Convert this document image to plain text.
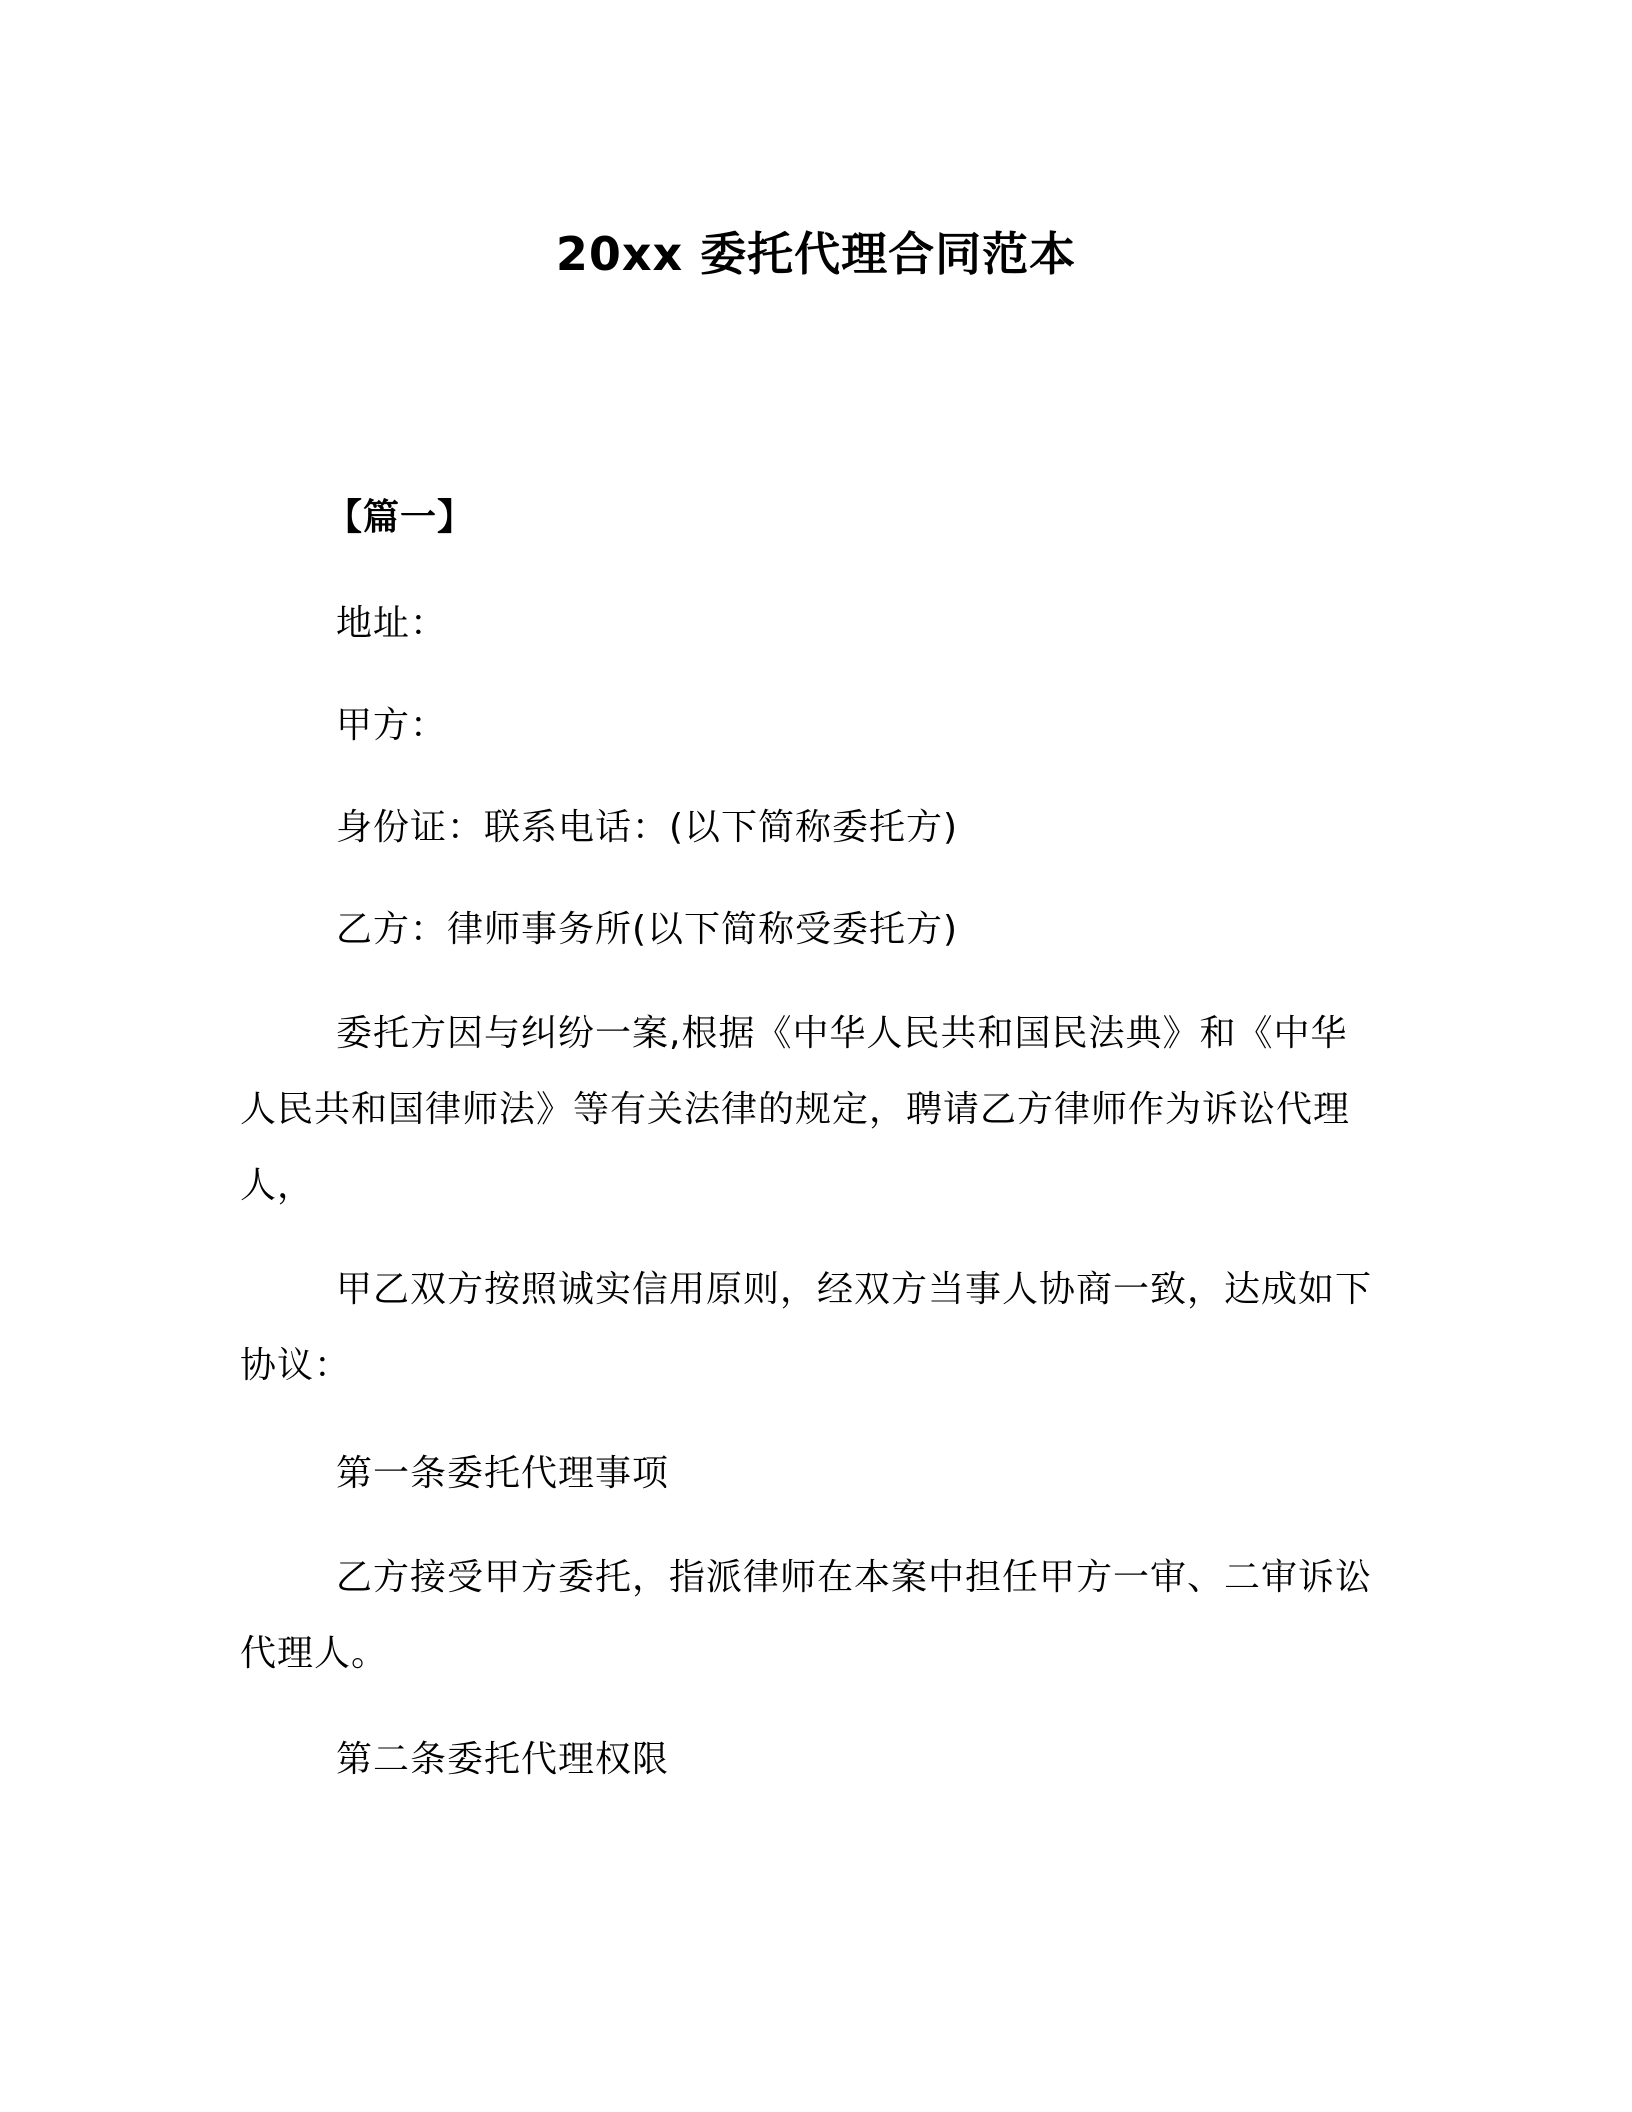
20xx 委托代理合同范本

【篇一】

地址：

甲方：

身份证：联系电话：(以下简称委托方)

乙方：律师事务所(以下简称受委托方)

委托方因与纠纷一案,根据《中华人民共和国民法典》和《中华人民共和国律师法》等有关法律的规定，聘请乙方律师作为诉讼代理人，

甲乙双方按照诚实信用原则，经双方当事人协商一致，达成如下协议：

第一条委托代理事项

乙方接受甲方委托，指派律师在本案中担任甲方一审、二审诉讼代理人。

第二条委托代理权限
